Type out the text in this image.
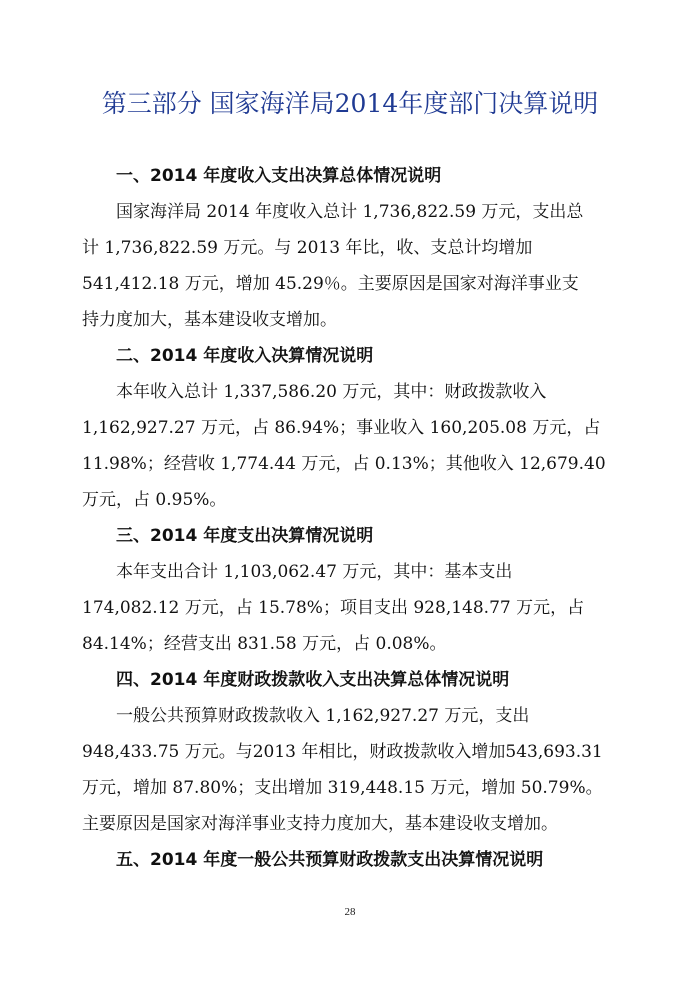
第三部分 国家海洋局2014年度部门决算说明
一、2014 年度收入支出决算总体情况说明
国家海洋局 2014 年度收入总计 1,736,822.59 万元，支出总
计 1,736,822.59 万元。与 2013 年比，收、支总计均增加
541,412.18 万元，增加 45.29％。主要原因是国家对海洋事业支
持力度加大，基本建设收支增加。
二、2014 年度收入决算情况说明
本年收入总计 1,337,586.20 万元，其中：财政拨款收入
1,162,927.27 万元，占 86.94%；事业收入 160,205.08 万元，占
11.98%；经营收 1,774.44 万元，占 0.13%；其他收入 12,679.40
万元，占 0.95%。
三、2014 年度支出决算情况说明
本年支出合计 1,103,062.47 万元，其中：基本支出
174,082.12 万元，占 15.78%；项目支出 928,148.77 万元，占
84.14%；经营支出 831.58 万元，占 0.08%。
四、2014 年度财政拨款收入支出决算总体情况说明
一般公共预算财政拨款收入 1,162,927.27 万元，支出
948,433.75 万元。与2013 年相比，财政拨款收入增加543,693.31
万元，增加 87.80%；支出增加 319,448.15 万元，增加 50.79%。
主要原因是国家对海洋事业支持力度加大，基本建设收支增加。
五、2014 年度一般公共预算财政拨款支出决算情况说明
28
